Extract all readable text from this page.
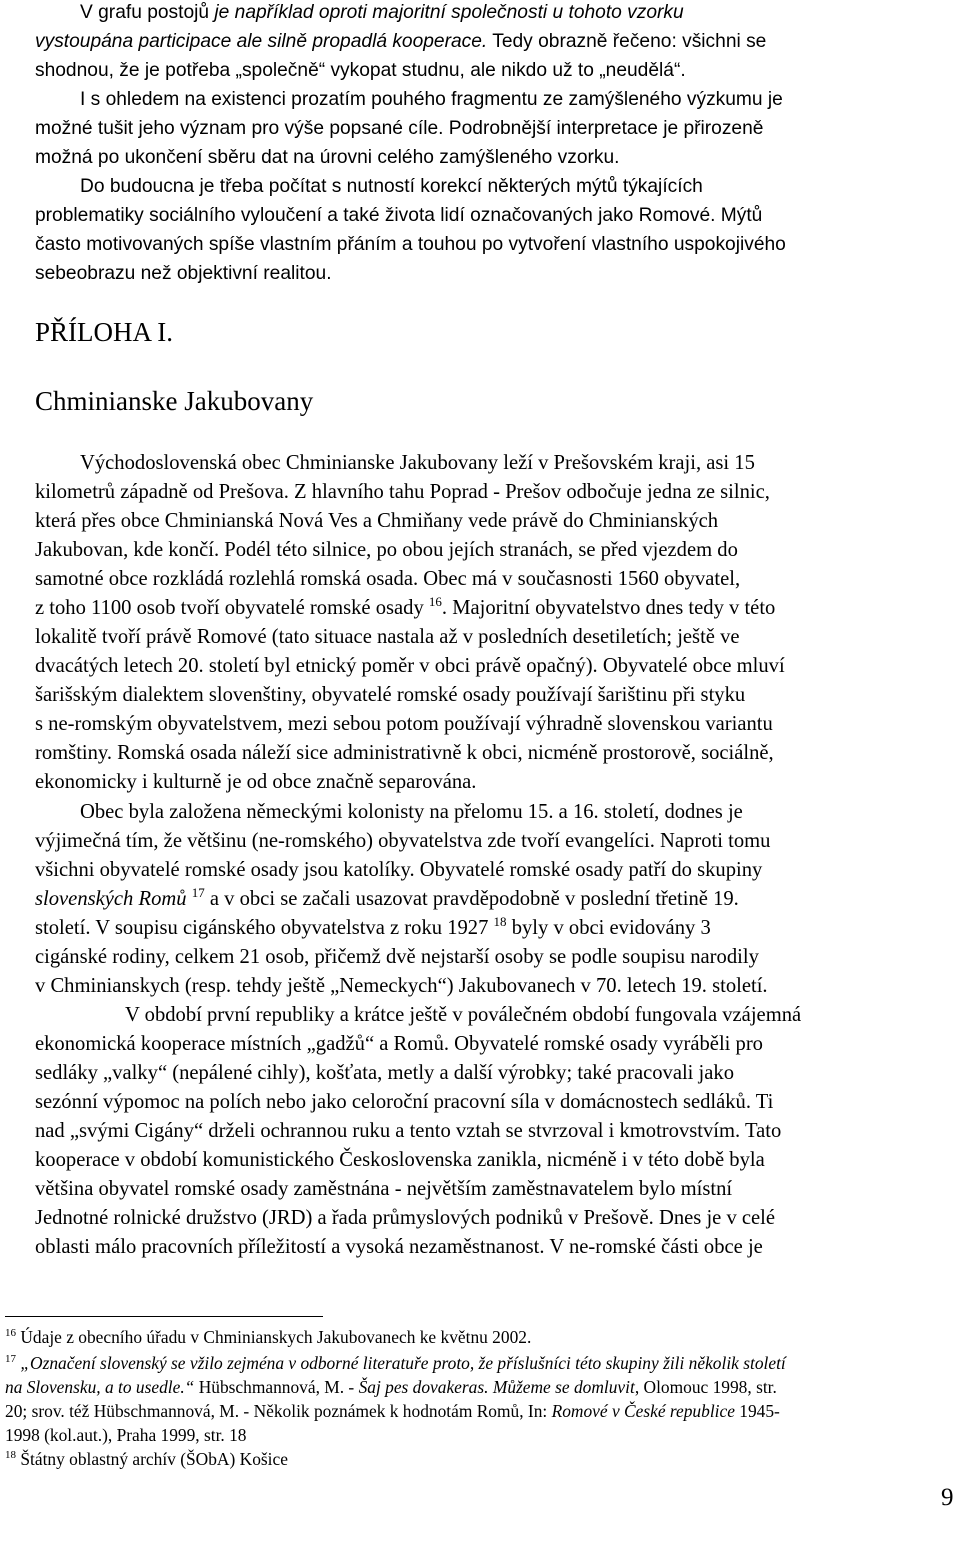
V grafu postojů je například oproti majoritní společnosti u tohoto vzorku
vystoupána participace ale silně propadlá kooperace. Tedy obrazně řečeno: všichni se
shodnou, že je potřeba „společně“ vykopat studnu, ale nikdo už to „neudělá“.
I s ohledem na existenci prozatím pouhého fragmentu ze zamýšleného výzkumu je
možné tušit jeho význam pro výše popsané cíle. Podrobnější interpretace je přirozeně
možná po ukončení sběru dat na úrovni celého zamýšleného vzorku.
Do budoucna je třeba počítat s nutností korekcí některých mýtů týkajících
problematiky sociálního vyloučení a také života lidí označovaných jako Romové. Mýtů
často motivovaných spíše vlastním přáním a touhou po vytvoření vlastního uspokojivého
sebeobrazu než objektivní realitou.
PŘÍLOHA I.
Chminianske Jakubovany
Východoslovenská obec Chminianske Jakubovany leží v Prešovském kraji, asi 15
kilometrů západně od Prešova. Z hlavního tahu Poprad - Prešov odbočuje jedna ze silnic,
která přes obce Chminianská Nová Ves a Chmiňany vede právě do Chminianských
Jakubovan, kde končí. Podél této silnice, po obou jejích stranách, se před vjezdem do
samotné obce rozkládá rozlehlá romská osada. Obec má v současnosti 1560 obyvatel,
z toho 1100 osob tvoří obyvatelé romské osady $^{16}$. Majoritní obyvatelstvo dnes tedy v této
lokalitě tvoří právě Romové (tato situace nastala až v posledních desetiletích; ještě ve
dvacátých letech 20. století byl etnický poměr v obci právě opačný). Obyvatelé obce mluví
šarišským dialektem slovenštiny, obyvatelé romské osady používají šarištinu při styku
s ne-romským obyvatelstvem, mezi sebou potom používají výhradně slovenskou variantu
romštiny. Romská osada náleží sice administrativně k obci, nicméně prostorově, sociálně,
ekonomicky i kulturně je od obce značně separována.
Obec byla založena německými kolonisty na přelomu 15. a 16. století, dodnes je
výjimečná tím, že většinu (ne-romského) obyvatelstva zde tvoří evangelíci. Naproti tomu
všichni obyvatelé romské osady jsou katolíky. Obyvatelé romské osady patří do skupiny
slovenských Romů $^{17}$ a v obci se začali usazovat pravděpodobně v poslední třetině 19.
století. V soupisu cigánského obyvatelstva z roku 1927 $^{18}$ byly v obci evidovány 3
cigánské rodiny, celkem 21 osob, přičemž dvě nejstarší osoby se podle soupisu narodily
v Chminianskych (resp. tehdy ještě „Nemeckych“) Jakubovanech v 70. letech 19. století.
V období první republiky a krátce ještě v poválečném období fungovala vzájemná
ekonomická kooperace místních „gadžů“ a Romů. Obyvatelé romské osady vyráběli pro
sedláky „valky“ (nepálené cihly), košťata, metly a další výrobky; také pracovali jako
sezónní výpomoc na polích nebo jako celoroční pracovní síla v domácnostech sedláků. Ti
nad „svými Cigány“ drželi ochrannou ruku a tento vztah se stvrzoval i kmotrovstvím. Tato
kooperace v období komunistického Československa zanikla, nicméně i v této době byla
většina obyvatel romské osady zaměstnána - největším zaměstnavatelem bylo místní
Jednotné rolnické družstvo (JRD) a řada průmyslových podniků v Prešově. Dnes je v celé
oblasti málo pracovních příležitostí a vysoká nezaměstnanost. V ne-romské části obce je
$^{16}$ Údaje z obecního úřadu v Chminianskych Jakubovanech ke květnu 2002.
$^{17}$ „Označení slovenský se vžilo zejména v odborné literatuře proto, že příslušníci této skupiny žili několik století
na Slovensku, a to usedle.“ Hübschmannová, M. - Šaj pes dovakeras. Můžeme se domluvit, Olomouc 1998, str.
20; srov. též Hübschmannová, M. - Několik poznámek k hodnotám Romů, In: Romové v České republice 1945-
1998 (kol.aut.), Praha 1999, str. 18
$^{18}$ Štátny oblastný archív (ŠObA) Košice
9
